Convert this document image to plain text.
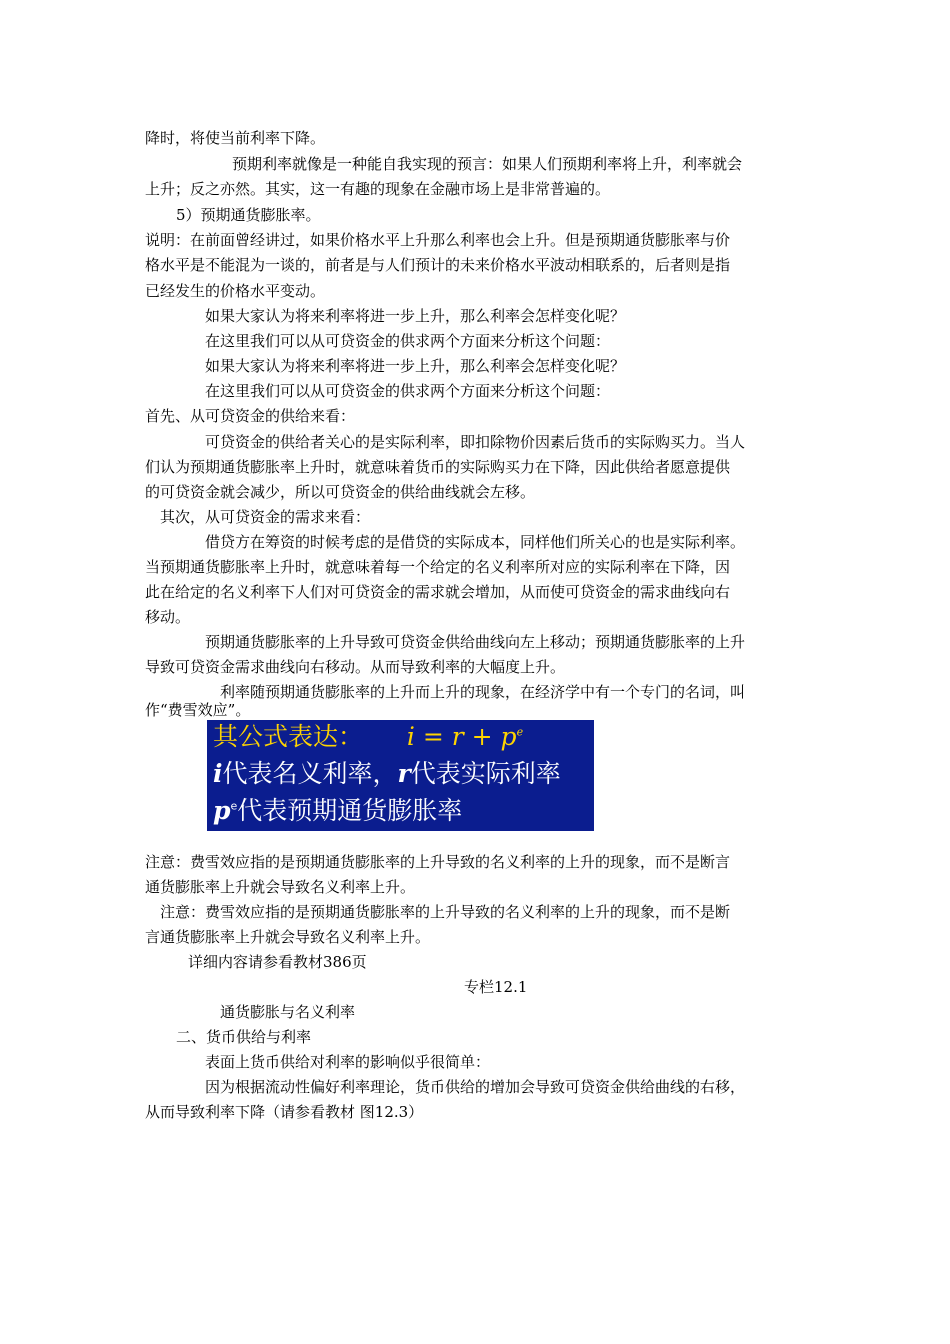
降时，将使当前利率下降。
预期利率就像是一种能自我实现的预言：如果人们预期利率将上升，利率就会
上升；反之亦然。其实，这一有趣的现象在金融市场上是非常普遍的。
5）预期通货膨胀率。
说明：在前面曾经讲过，如果价格水平上升那么利率也会上升。但是预期通货膨胀率与价
格水平是不能混为一谈的，前者是与人们预计的未来价格水平波动相联系的，后者则是指
已经发生的价格水平变动。
如果大家认为将来利率将进一步上升，那么利率会怎样变化呢？
在这里我们可以从可贷资金的供求两个方面来分析这个问题：
如果大家认为将来利率将进一步上升，那么利率会怎样变化呢？
在这里我们可以从可贷资金的供求两个方面来分析这个问题：
首先、从可贷资金的供给来看：
可贷资金的供给者关心的是实际利率，即扣除物价因素后货币的实际购买力。当人
们认为预期通货膨胀率上升时，就意味着货币的实际购买力在下降，因此供给者愿意提供
的可贷资金就会减少，所以可贷资金的供给曲线就会左移。
其次，从可贷资金的需求来看：
借贷方在筹资的时候考虑的是借贷的实际成本，同样他们所关心的也是实际利率。
当预期通货膨胀率上升时，就意味着每一个给定的名义利率所对应的实际利率在下降，因
此在给定的名义利率下人们对可贷资金的需求就会增加，从而使可贷资金的需求曲线向右
移动。
预期通货膨胀率的上升导致可贷资金供给曲线向左上移动；预期通货膨胀率的上升
导致可贷资金需求曲线向右移动。从而导致利率的大幅度上升。
利率随预期通货膨胀率的上升而上升的现象，在经济学中有一个专门的名词，叫
作“费雪效应”。
其公式表达： $i = r + p^e$
i代表名义利率，r代表实际利率
$p^e$代表预期通货膨胀率
注意：费雪效应指的是预期通货膨胀率的上升导致的名义利率的上升的现象，而不是断言
通货膨胀率上升就会导致名义利率上升。
注意：费雪效应指的是预期通货膨胀率的上升导致的名义利率的上升的现象，而不是断
言通货膨胀率上升就会导致名义利率上升。
详细内容请参看教材386页
专栏12.1
通货膨胀与名义利率
二、货币供给与利率
表面上货币供给对利率的影响似乎很简单：
因为根据流动性偏好利率理论，货币供给的增加会导致可贷资金供给曲线的右移，
从而导致利率下降（请参看教材 图12.3）
